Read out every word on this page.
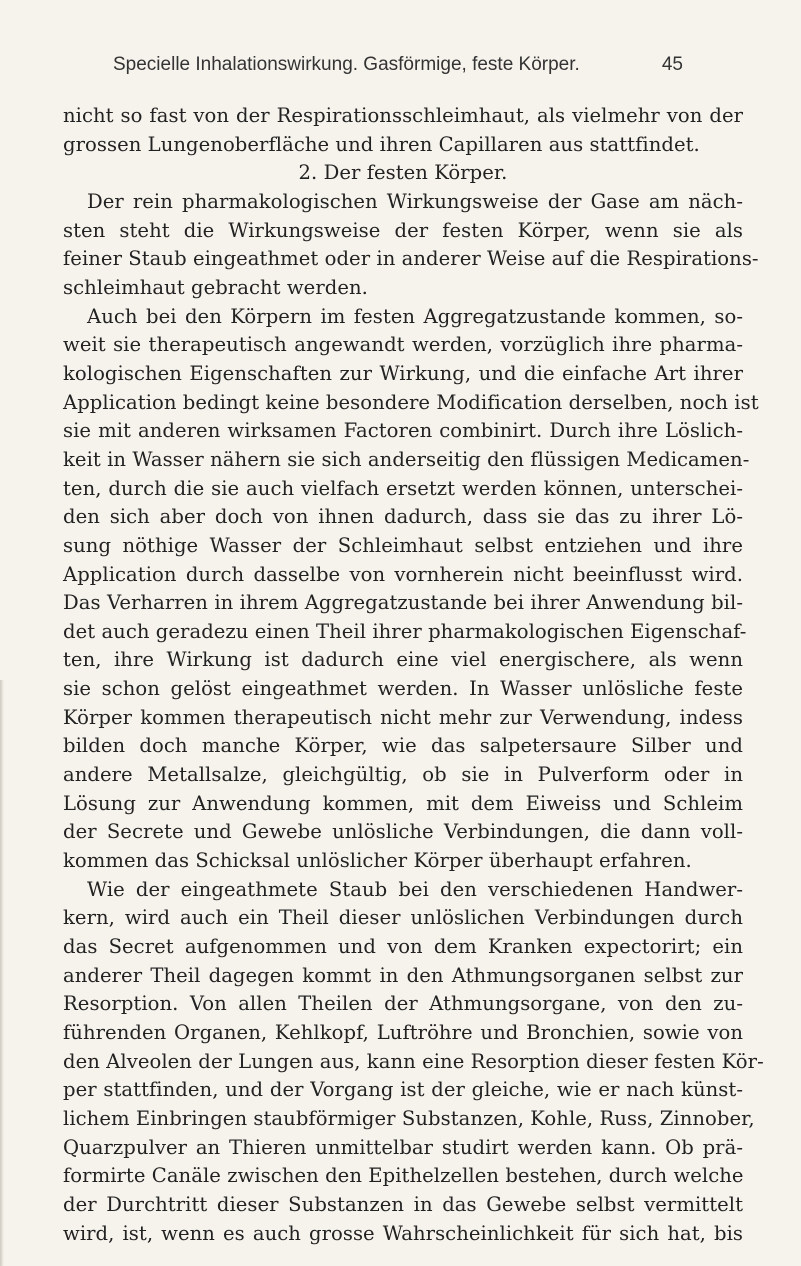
Specielle Inhalationswirkung. Gasförmige, feste Körper.	45
nicht so fast von der Respirationsschleimhaut, als vielmehr von der
grossen Lungenoberfläche und ihren Capillaren aus stattfindet.
2. Der festen Körper.
Der rein pharmakologischen Wirkungsweise der Gase am näch-
sten steht die Wirkungsweise der festen Körper, wenn sie als
feiner Staub eingeathmet oder in anderer Weise auf die Respirations-
schleimhaut gebracht werden.
Auch bei den Körpern im festen Aggregatzustande kommen, so-
weit sie therapeutisch angewandt werden, vorzüglich ihre pharma-
kologischen Eigenschaften zur Wirkung, und die einfache Art ihrer
Application bedingt keine besondere Modification derselben, noch ist
sie mit anderen wirksamen Factoren combinirt. Durch ihre Löslich-
keit in Wasser nähern sie sich anderseitig den flüssigen Medicamen-
ten, durch die sie auch vielfach ersetzt werden können, unterschei-
den sich aber doch von ihnen dadurch, dass sie das zu ihrer Lö-
sung nöthige Wasser der Schleimhaut selbst entziehen und ihre
Application durch dasselbe von vornherein nicht beeinflusst wird.
Das Verharren in ihrem Aggregatzustande bei ihrer Anwendung bil-
det auch geradezu einen Theil ihrer pharmakologischen Eigenschaf-
ten, ihre Wirkung ist dadurch eine viel energischere, als wenn
sie schon gelöst eingeathmet werden. In Wasser unlösliche feste
Körper kommen therapeutisch nicht mehr zur Verwendung, indess
bilden doch manche Körper, wie das salpetersaure Silber und
andere Metallsalze, gleichgültig, ob sie in Pulverform oder in
Lösung zur Anwendung kommen, mit dem Eiweiss und Schleim
der Secrete und Gewebe unlösliche Verbindungen, die dann voll-
kommen das Schicksal unlöslicher Körper überhaupt erfahren.
Wie der eingeathmete Staub bei den verschiedenen Handwer-
kern, wird auch ein Theil dieser unlöslichen Verbindungen durch
das Secret aufgenommen und von dem Kranken expectorirt; ein
anderer Theil dagegen kommt in den Athmungsorganen selbst zur
Resorption. Von allen Theilen der Athmungsorgane, von den zu-
führenden Organen, Kehlkopf, Luftröhre und Bronchien, sowie von
den Alveolen der Lungen aus, kann eine Resorption dieser festen Kör-
per stattfinden, und der Vorgang ist der gleiche, wie er nach künst-
lichem Einbringen staubförmiger Substanzen, Kohle, Russ, Zinnober,
Quarzpulver an Thieren unmittelbar studirt werden kann. Ob prä-
formirte Canäle zwischen den Epithelzellen bestehen, durch welche
der Durchtritt dieser Substanzen in das Gewebe selbst vermittelt
wird, ist, wenn es auch grosse Wahrscheinlichkeit für sich hat, bis
